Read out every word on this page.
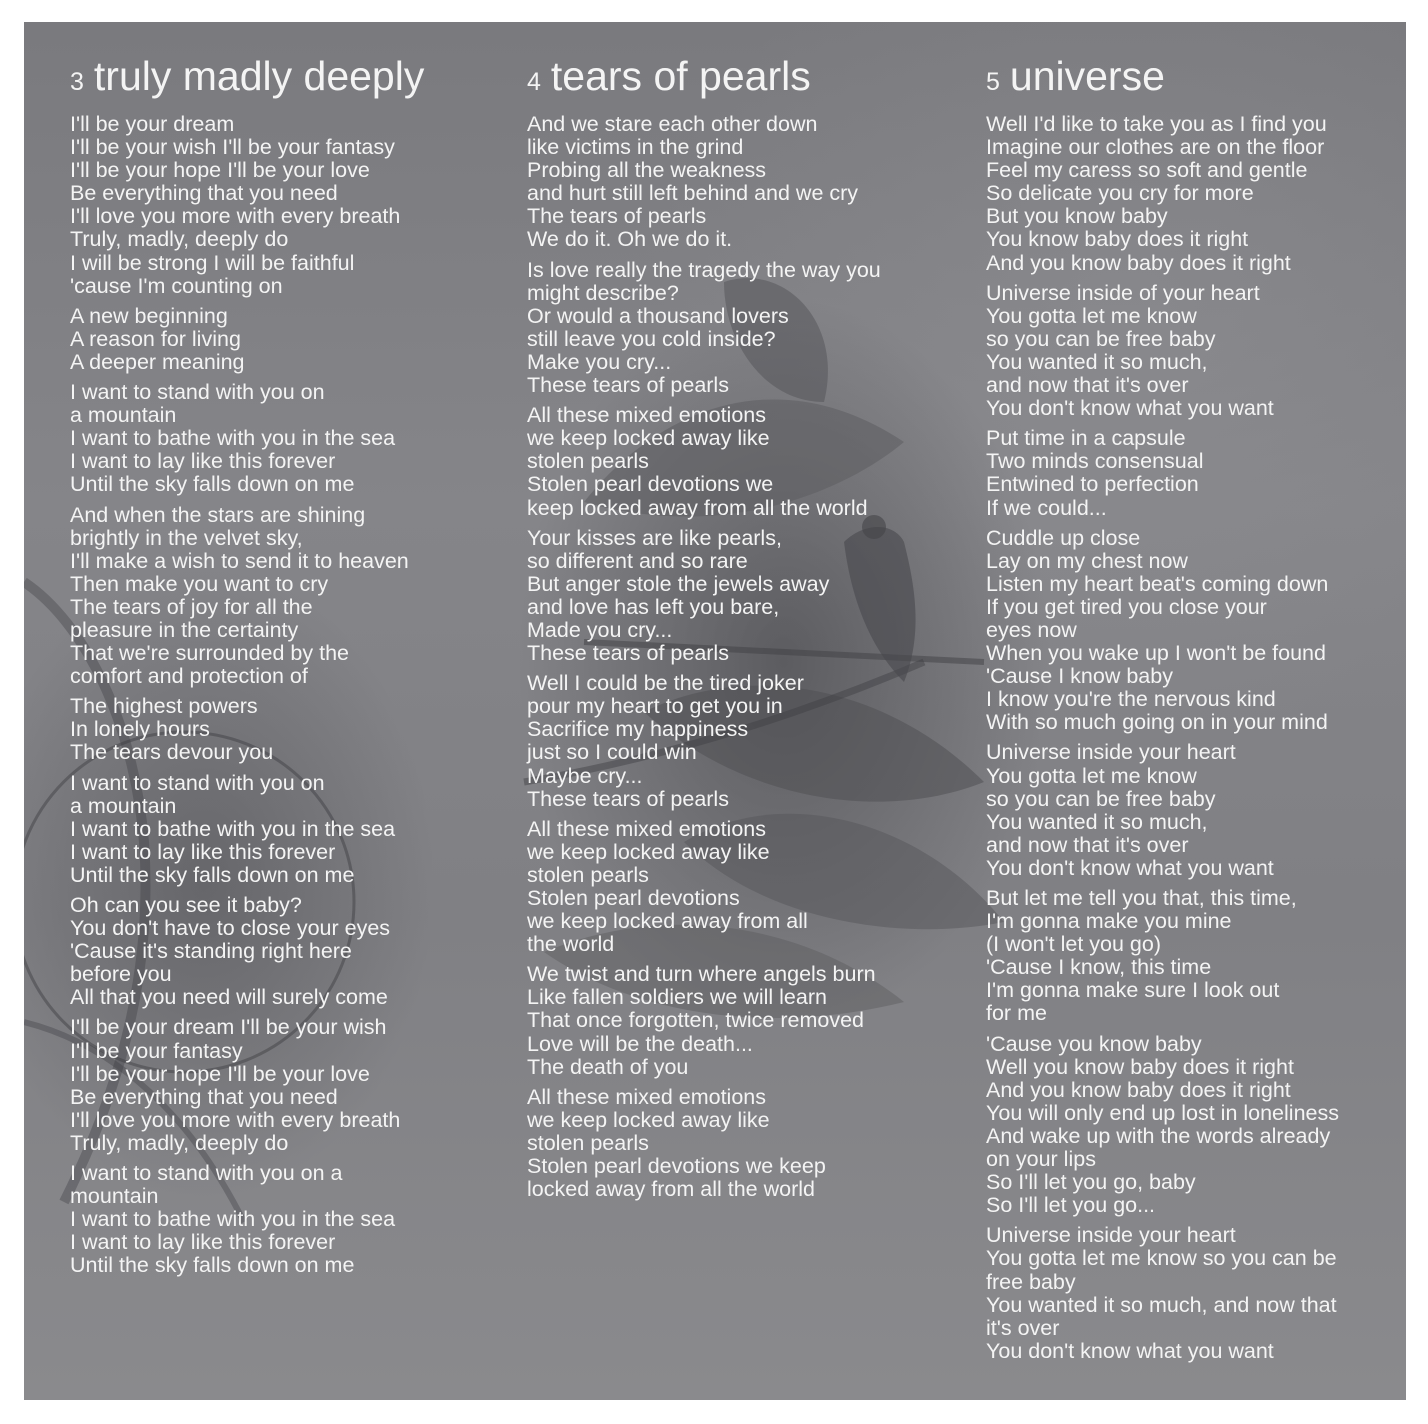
3 truly madly deeply
I'll be your dream
I'll be your wish I'll be your fantasy
I'll be your hope I'll be your love
Be everything that you need
I'll love you more with every breath
Truly, madly, deeply do
I will be strong I will be faithful
'cause I'm counting on
A new beginning
A reason for living
A deeper meaning
I want to stand with you on
a mountain
I want to bathe with you in the sea
I want to lay like this forever
Until the sky falls down on me
And when the stars are shining
brightly in the velvet sky,
I'll make a wish to send it to heaven
Then make you want to cry
The tears of joy for all the
pleasure in the certainty
That we're surrounded by the
comfort and protection of
The highest powers
In lonely hours
The tears devour you
I want to stand with you on
a mountain
I want to bathe with you in the sea
I want to lay like this forever
Until the sky falls down on me
Oh can you see it baby?
You don't have to close your eyes
'Cause it's standing right here
before you
All that you need will surely come
I'll be your dream I'll be your wish
I'll be your fantasy
I'll be your hope I'll be your love
Be everything that you need
I'll love you more with every breath
Truly, madly, deeply do
I want to stand with you on a
mountain
I want to bathe with you in the sea
I want to lay like this forever
Until the sky falls down on me
4 tears of pearls
And we stare each other down
like victims in the grind
Probing all the weakness
and hurt still left behind and we cry
The tears of pearls
We do it. Oh we do it.
Is love really the tragedy the way you
might describe?
Or would a thousand lovers
still leave you cold inside?
Make you cry...
These tears of pearls
All these mixed emotions
we keep locked away like
stolen pearls
Stolen pearl devotions we
keep locked away from all the world
Your kisses are like pearls,
so different and so rare
But anger stole the jewels away
and love has left you bare,
Made you cry...
These tears of pearls
Well I could be the tired joker
pour my heart to get you in
Sacrifice my happiness
just so I could win
Maybe cry...
These tears of pearls
All these mixed emotions
we keep locked away like
stolen pearls
Stolen pearl devotions
we keep locked away from all
the world
We twist and turn where angels burn
Like fallen soldiers we will learn
That once forgotten, twice removed
Love will be the death...
The death of you
All these mixed emotions
we keep locked away like
stolen pearls
Stolen pearl devotions we keep
locked away from all the world
5 universe
Well I'd like to take you as I find you
Imagine our clothes are on the floor
Feel my caress so soft and gentle
So delicate you cry for more
But you know baby
You know baby does it right
And you know baby does it right
Universe inside of your heart
You gotta let me know
so you can be free baby
You wanted it so much,
and now that it's over
You don't know what you want
Put time in a capsule
Two minds consensual
Entwined to perfection
If we could...
Cuddle up close
Lay on my chest now
Listen my heart beat's coming down
If you get tired you close your
eyes now
When you wake up I won't be found
'Cause I know baby
I know you're the nervous kind
With so much going on in your mind
Universe inside your heart
You gotta let me know
so you can be free baby
You wanted it so much,
and now that it's over
You don't know what you want
But let me tell you that, this time,
I'm gonna make you mine
(I won't let you go)
'Cause I know, this time
I'm gonna make sure I look out
for me
'Cause you know baby
Well you know baby does it right
And you know baby does it right
You will only end up lost in loneliness
And wake up with the words already
on your lips
So I'll let you go, baby
So I'll let you go...
Universe inside your heart
You gotta let me know so you can be
free baby
You wanted it so much, and now that
it's over
You don't know what you want
